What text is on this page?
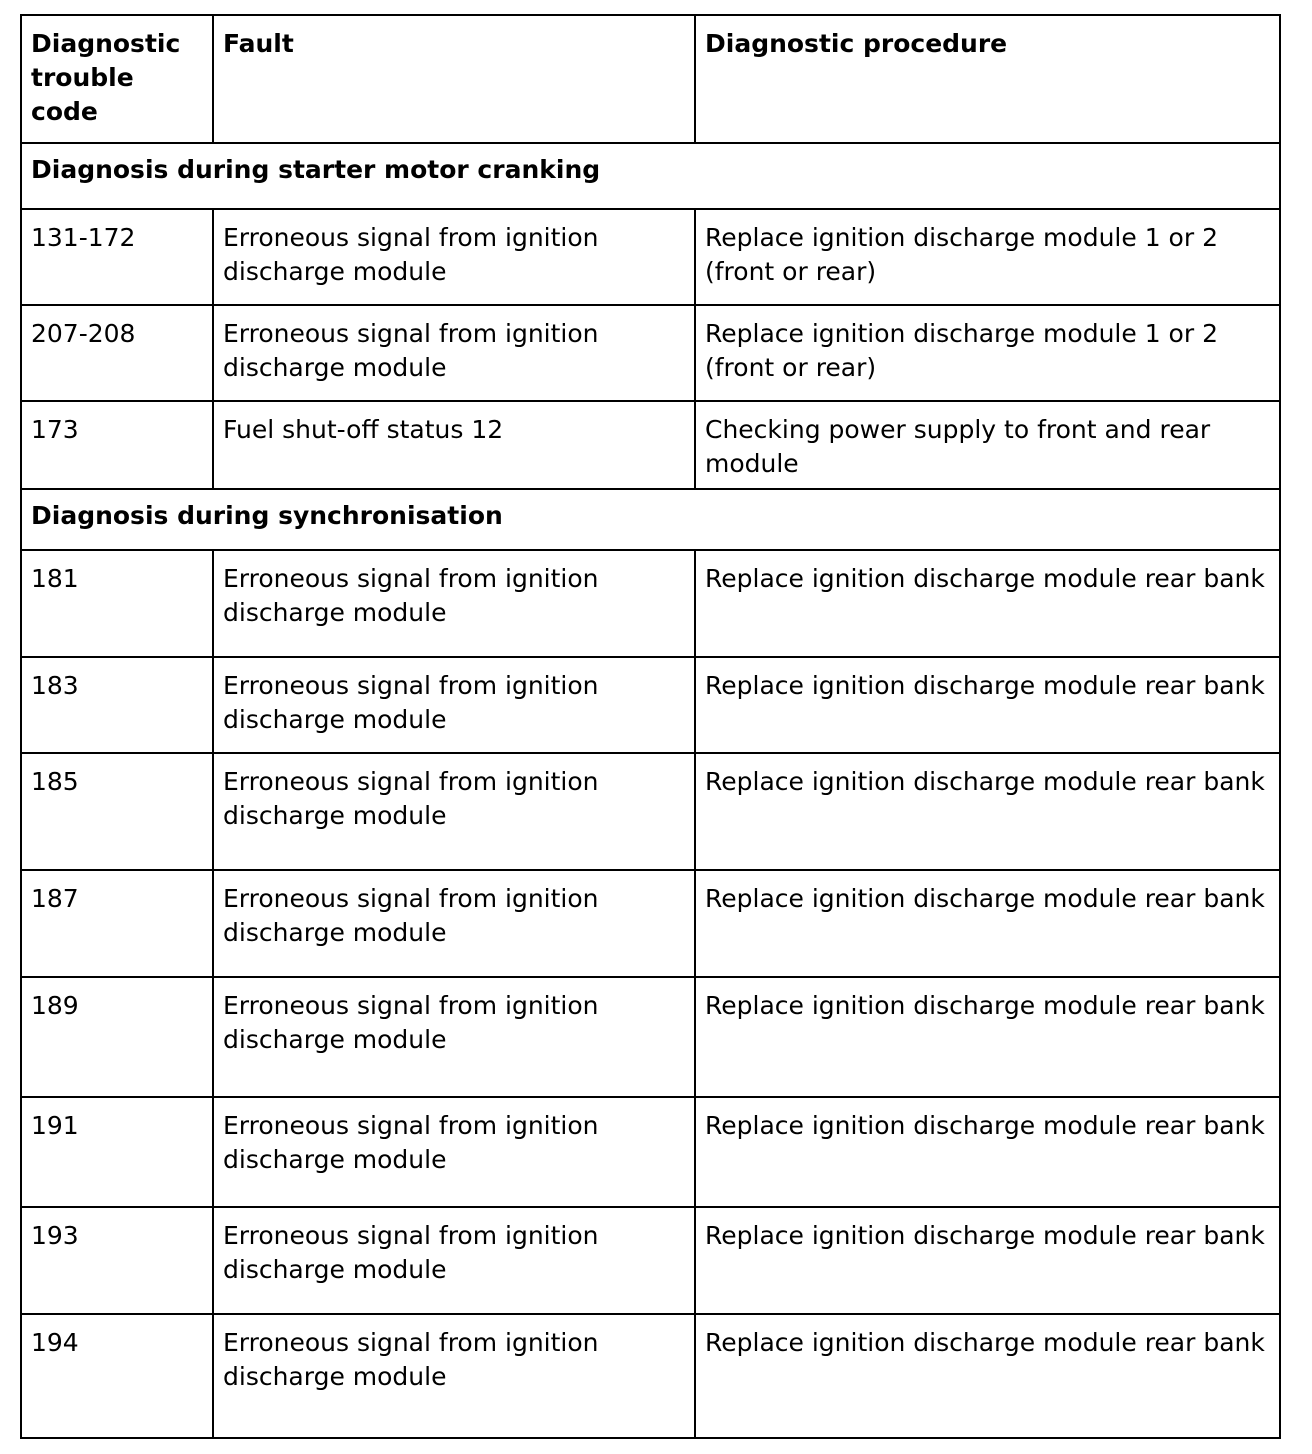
Diagnostic trouble code	Fault	Diagnostic procedure
Diagnosis during starter motor cranking		
131-172	Erroneous signal from ignition discharge module	Replace ignition discharge module 1 or 2 (front or rear)
207-208	Erroneous signal from ignition discharge module	Replace ignition discharge module 1 or 2 (front or rear)
173	Fuel shut-off status 12	Checking power supply to front and rear module
Diagnosis during synchronisation		
181	Erroneous signal from ignition discharge module	Replace ignition discharge module rear bank
183	Erroneous signal from ignition discharge module	Replace ignition discharge module rear bank
185	Erroneous signal from ignition discharge module	Replace ignition discharge module rear bank
187	Erroneous signal from ignition discharge module	Replace ignition discharge module rear bank
189	Erroneous signal from ignition discharge module	Replace ignition discharge module rear bank
191	Erroneous signal from ignition discharge module	Replace ignition discharge module rear bank
193	Erroneous signal from ignition discharge module	Replace ignition discharge module rear bank
194	Erroneous signal from ignition discharge module	Replace ignition discharge module rear bank
